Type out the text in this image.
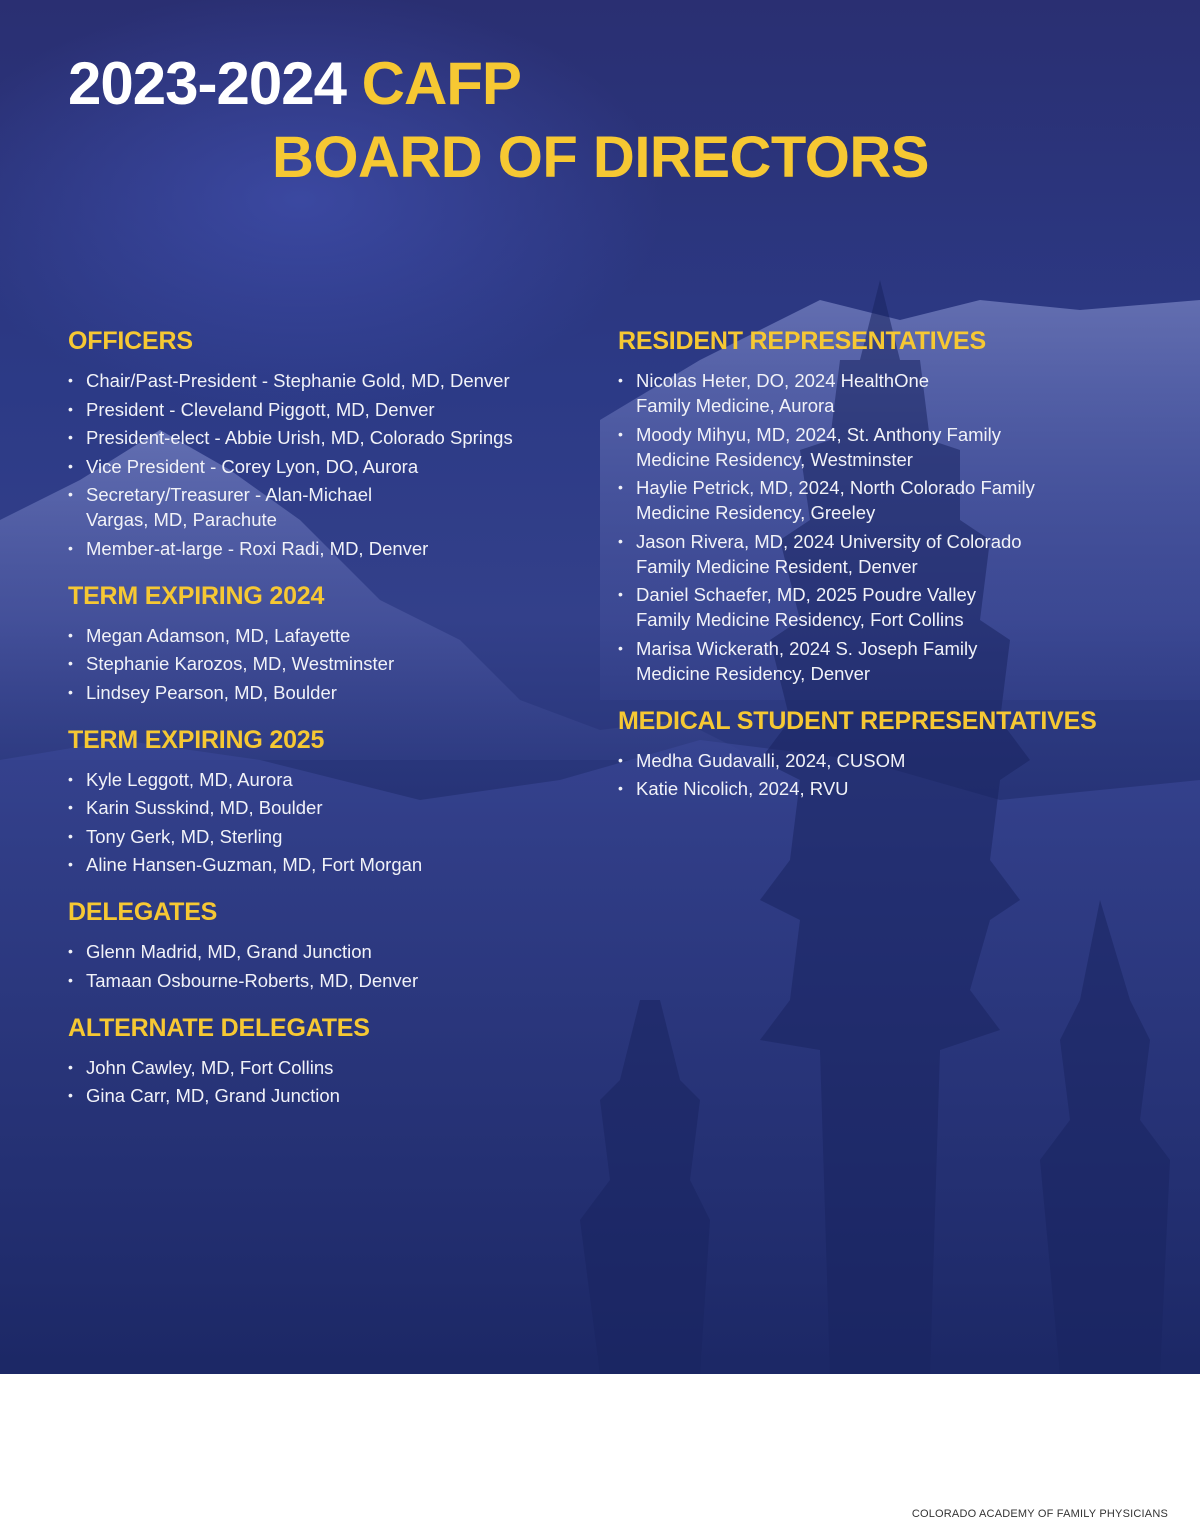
2023-2024 CAFP
BOARD OF DIRECTORS
OFFICERS
• Chair/Past-President - Stephanie Gold, MD, Denver
• President - Cleveland Piggott, MD, Denver
• President-elect - Abbie Urish, MD, Colorado Springs
• Vice President - Corey Lyon, DO, Aurora
• Secretary/Treasurer - Alan-Michael Vargas, MD, Parachute
• Member-at-large - Roxi Radi, MD, Denver
TERM EXPIRING 2024
• Megan Adamson, MD, Lafayette
• Stephanie Karozos, MD, Westminster
• Lindsey Pearson, MD, Boulder
TERM EXPIRING 2025
• Kyle Leggott, MD, Aurora
• Karin Susskind, MD, Boulder
• Tony Gerk, MD, Sterling
• Aline Hansen-Guzman, MD, Fort Morgan
DELEGATES
• Glenn Madrid, MD, Grand Junction
• Tamaan Osbourne-Roberts, MD, Denver
ALTERNATE DELEGATES
• John Cawley, MD, Fort Collins
• Gina Carr, MD, Grand Junction
RESIDENT REPRESENTATIVES
• Nicolas Heter, DO, 2024 HealthOne Family Medicine, Aurora
• Moody Mihyu, MD, 2024, St. Anthony Family Medicine Residency, Westminster
• Haylie Petrick, MD, 2024, North Colorado Family Medicine Residency, Greeley
• Jason Rivera, MD, 2024 University of Colorado Family Medicine Resident, Denver
• Daniel Schaefer, MD, 2025 Poudre Valley Family Medicine Residency, Fort Collins
• Marisa Wickerath, 2024 S. Joseph Family Medicine Residency, Denver
MEDICAL STUDENT REPRESENTATIVES
• Medha Gudavalli, 2024, CUSOM
• Katie Nicolich, 2024, RVU

COLORADO ACADEMY OF FAMILY PHYSICIANS
